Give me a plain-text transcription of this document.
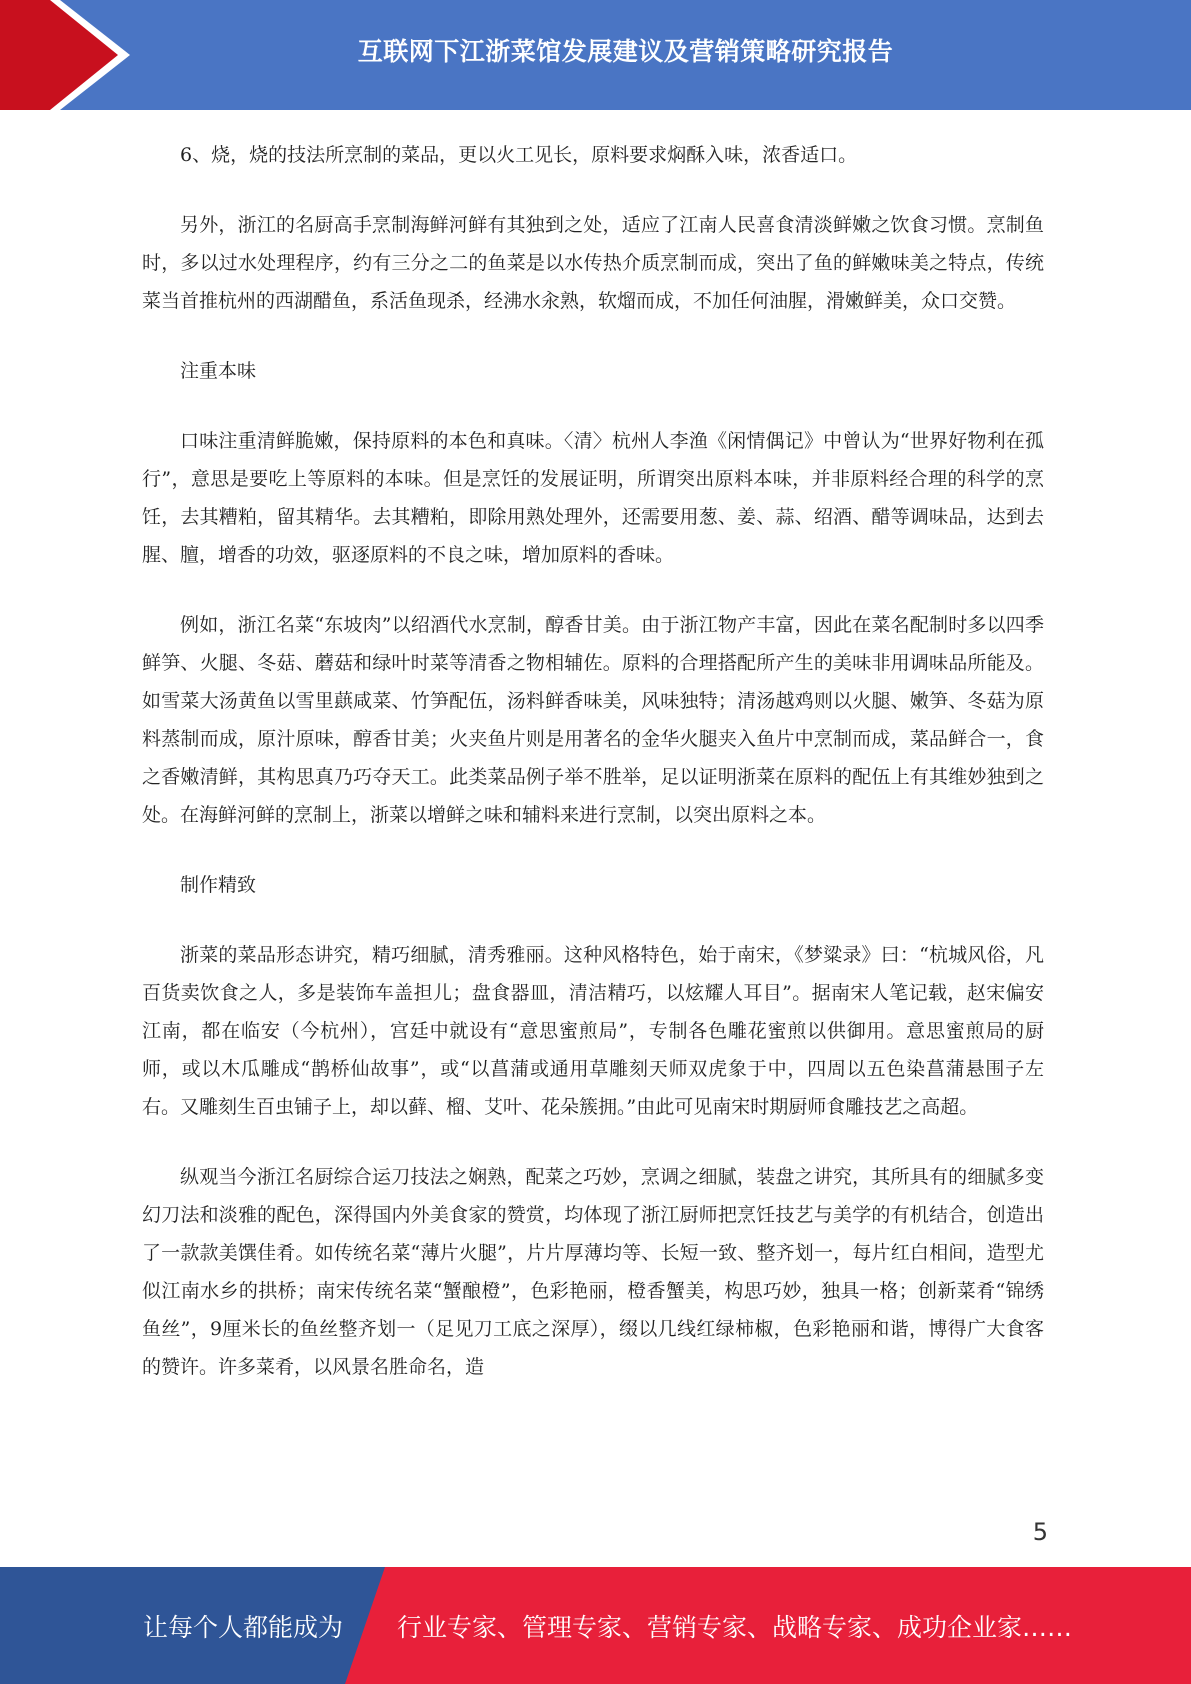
互联网下江浙菜馆发展建议及营销策略研究报告

6、烧，烧的技法所烹制的菜品，更以火工见长，原料要求焖酥入味，浓香适口。

另外，浙江的名厨高手烹制海鲜河鲜有其独到之处，适应了江南人民喜食清淡鲜嫩之饮食习惯。烹制鱼时，多以过水处理程序，约有三分之二的鱼菜是以水传热介质烹制而成，突出了鱼的鲜嫩味美之特点，传统菜当首推杭州的西湖醋鱼，系活鱼现杀，经沸水汆熟，软熘而成，不加任何油腥，滑嫩鲜美，众口交赞。

注重本味

口味注重清鲜脆嫩，保持原料的本色和真味。〈清〉杭州人李渔《闲情偶记》中曾认为“世界好物利在孤行”，意思是要吃上等原料的本味。但是烹饪的发展证明，所谓突出原料本味，并非原料经合理的科学的烹饪，去其糟粕，留其精华。去其糟粕，即除用熟处理外，还需要用葱、姜、蒜、绍酒、醋等调味品，达到去腥、膻，增香的功效，驱逐原料的不良之味，增加原料的香味。

例如，浙江名菜“东坡肉”以绍酒代水烹制，醇香甘美。由于浙江物产丰富，因此在菜名配制时多以四季鲜笋、火腿、冬菇、蘑菇和绿叶时菜等清香之物相辅佐。原料的合理搭配所产生的美味非用调味品所能及。如雪菜大汤黄鱼以雪里蕻咸菜、竹笋配伍，汤料鲜香味美，风味独特；清汤越鸡则以火腿、嫩笋、冬菇为原料蒸制而成，原汁原味，醇香甘美；火夹鱼片则是用著名的金华火腿夹入鱼片中烹制而成，菜品鲜合一，食之香嫩清鲜，其构思真乃巧夺天工。此类菜品例子举不胜举，足以证明浙菜在原料的配伍上有其维妙独到之处。在海鲜河鲜的烹制上，浙菜以增鲜之味和辅料来进行烹制，以突出原料之本。

制作精致

浙菜的菜品形态讲究，精巧细腻，清秀雅丽。这种风格特色，始于南宋，《梦粱录》曰：“杭城风俗，凡百货卖饮食之人，多是装饰车盖担儿；盘食器皿，清洁精巧，以炫耀人耳目”。据南宋人笔记载，赵宋偏安江南，都在临安（今杭州），宫廷中就设有“意思蜜煎局”，专制各色雕花蜜煎以供御用。意思蜜煎局的厨师，或以木瓜雕成“鹊桥仙故事”，或“以菖蒲或通用草雕刻天师双虎象于中，四周以五色染菖蒲悬围子左右。又雕刻生百虫铺子上，却以藓、榴、艾叶、花朵簇拥。”由此可见南宋时期厨师食雕技艺之高超。

纵观当今浙江名厨综合运刀技法之娴熟，配菜之巧妙，烹调之细腻，装盘之讲究，其所具有的细腻多变幻刀法和淡雅的配色，深得国内外美食家的赞赏，均体现了浙江厨师把烹饪技艺与美学的有机结合，创造出了一款款美馔佳肴。如传统名菜“薄片火腿”，片片厚薄均等、长短一致、整齐划一，每片红白相间，造型尤似江南水乡的拱桥；南宋传统名菜“蟹酿橙”，色彩艳丽，橙香蟹美，构思巧妙，独具一格；创新菜肴“锦绣鱼丝”，9厘米长的鱼丝整齐划一（足见刀工底之深厚），缀以几线红绿柿椒，色彩艳丽和谐，博得广大食客的赞许。许多菜肴，以风景名胜命名，造

5
让每个人都能成为 行业专家、管理专家、营销专家、战略专家、成功企业家……
